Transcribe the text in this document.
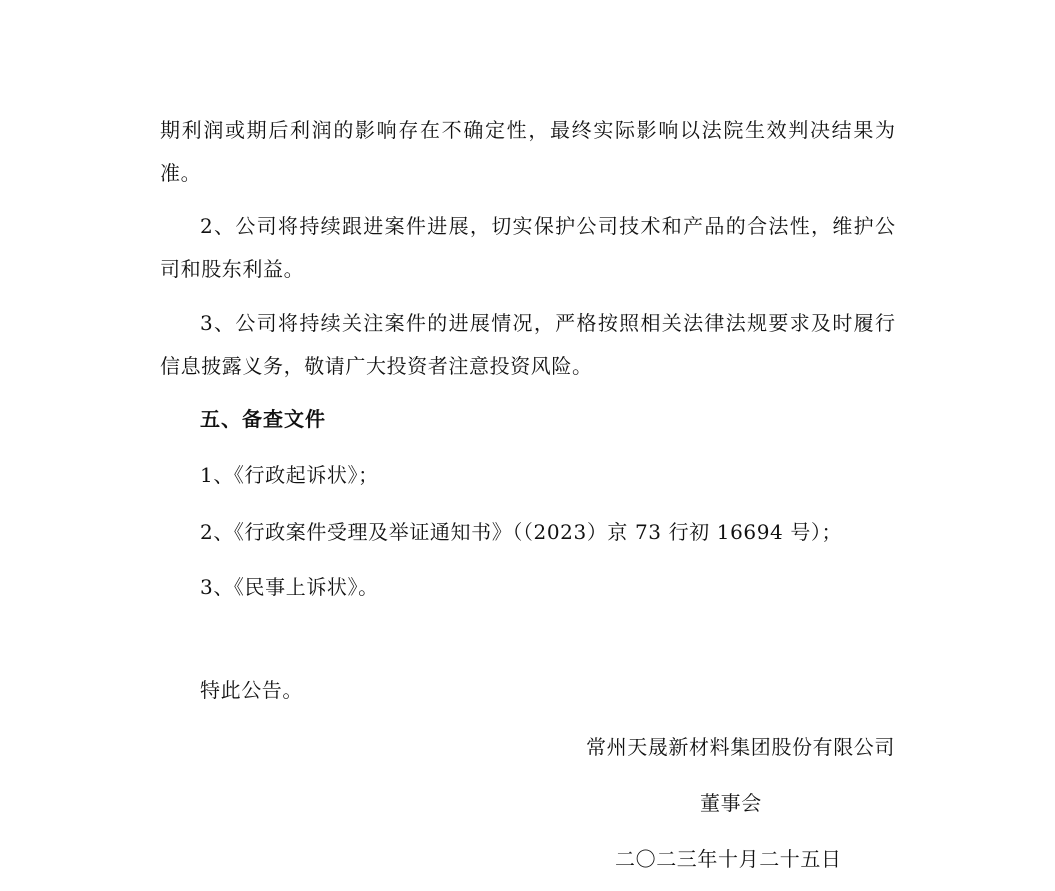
期利润或期后利润的影响存在不确定性，最终实际影响以法院生效判决结果为
准。
2、公司将持续跟进案件进展，切实保护公司技术和产品的合法性，维护公
司和股东利益。
3、公司将持续关注案件的进展情况，严格按照相关法律法规要求及时履行
信息披露义务，敬请广大投资者注意投资风险。
五、备查文件
1、《行政起诉状》；
2、《行政案件受理及举证通知书》（（2023）京 73 行初 16694 号）；
3、《民事上诉状》。
特此公告。
常州天晟新材料集团股份有限公司
董事会
二〇二三年十月二十五日
